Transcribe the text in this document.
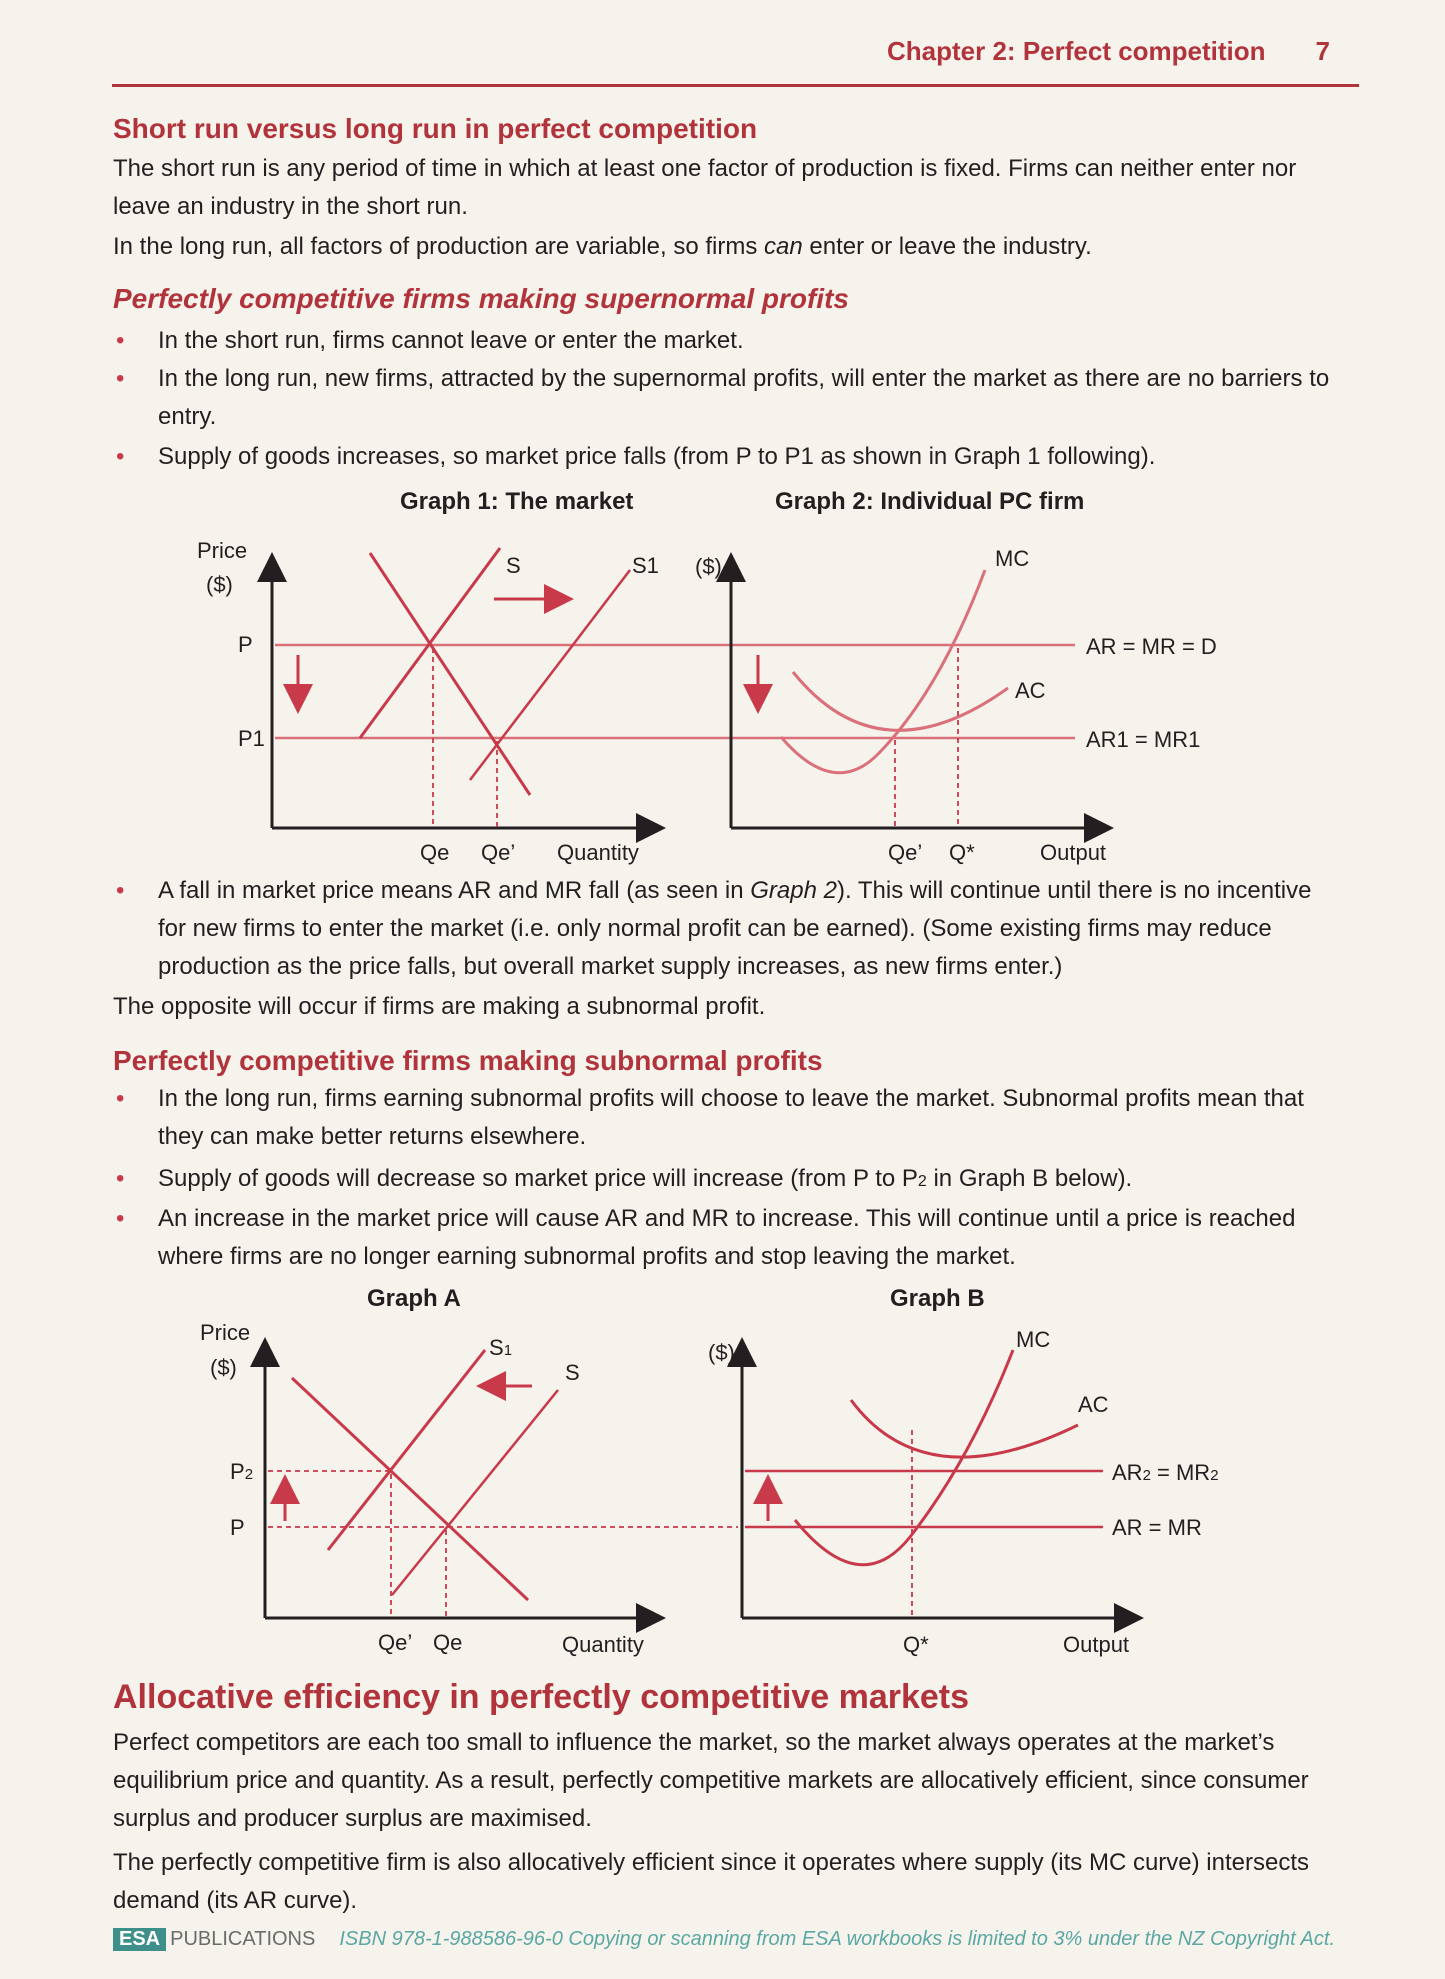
Chapter 2: Perfect competition 7
Short run versus long run in perfect competition
The short run is any period of time in which at least one factor of production is fixed. Firms can neither enter nor leave an industry in the short run.
In the long run, all factors of production are variable, so firms can enter or leave the industry.
Perfectly competitive firms making supernormal profits
• In the short run, firms cannot leave or enter the market.
• In the long run, new firms, attracted by the supernormal profits, will enter the market as there are no barriers to entry.
• Supply of goods increases, so market price falls (from P to P1 as shown in Graph 1 following).
Graph 1: The market	Graph 2: Individual PC firm
• A fall in market price means AR and MR fall (as seen in Graph 2). This will continue until there is no incentive for new firms to enter the market (i.e. only normal profit can be earned). (Some existing firms may reduce production as the price falls, but overall market supply increases, as new firms enter.)
The opposite will occur if firms are making a subnormal profit.
Perfectly competitive firms making subnormal profits
• In the long run, firms earning subnormal profits will choose to leave the market. Subnormal profits mean that they can make better returns elsewhere.
• Supply of goods will decrease so market price will increase (from P to P2 in Graph B below).
• An increase in the market price will cause AR and MR to increase. This will continue until a price is reached where firms are no longer earning subnormal profits and stop leaving the market.
Graph A	Graph B
Allocative efficiency in perfectly competitive markets
Perfect competitors are each too small to influence the market, so the market always operates at the market’s equilibrium price and quantity. As a result, perfectly competitive markets are allocatively efficient, since consumer surplus and producer surplus are maximised.
The perfectly competitive firm is also allocatively efficient since it operates where supply (its MC curve) intersects demand (its AR curve).
ESA PUBLICATIONS ISBN 978-1-988586-96-0 Copying or scanning from ESA workbooks is limited to 3% under the NZ Copyright Act.
Price
($)
P
P1
S	S1
Qe Qe’ Quantity
($)	MC
AC
AR = MR = D
AR1 = MR1
Qe’ Q*	Output
Price
($)
P2
P
S1
S
Qe’ Qe	Quantity
($)
MC
AC
AR2 = MR2
AR = MR
Q*	Output
